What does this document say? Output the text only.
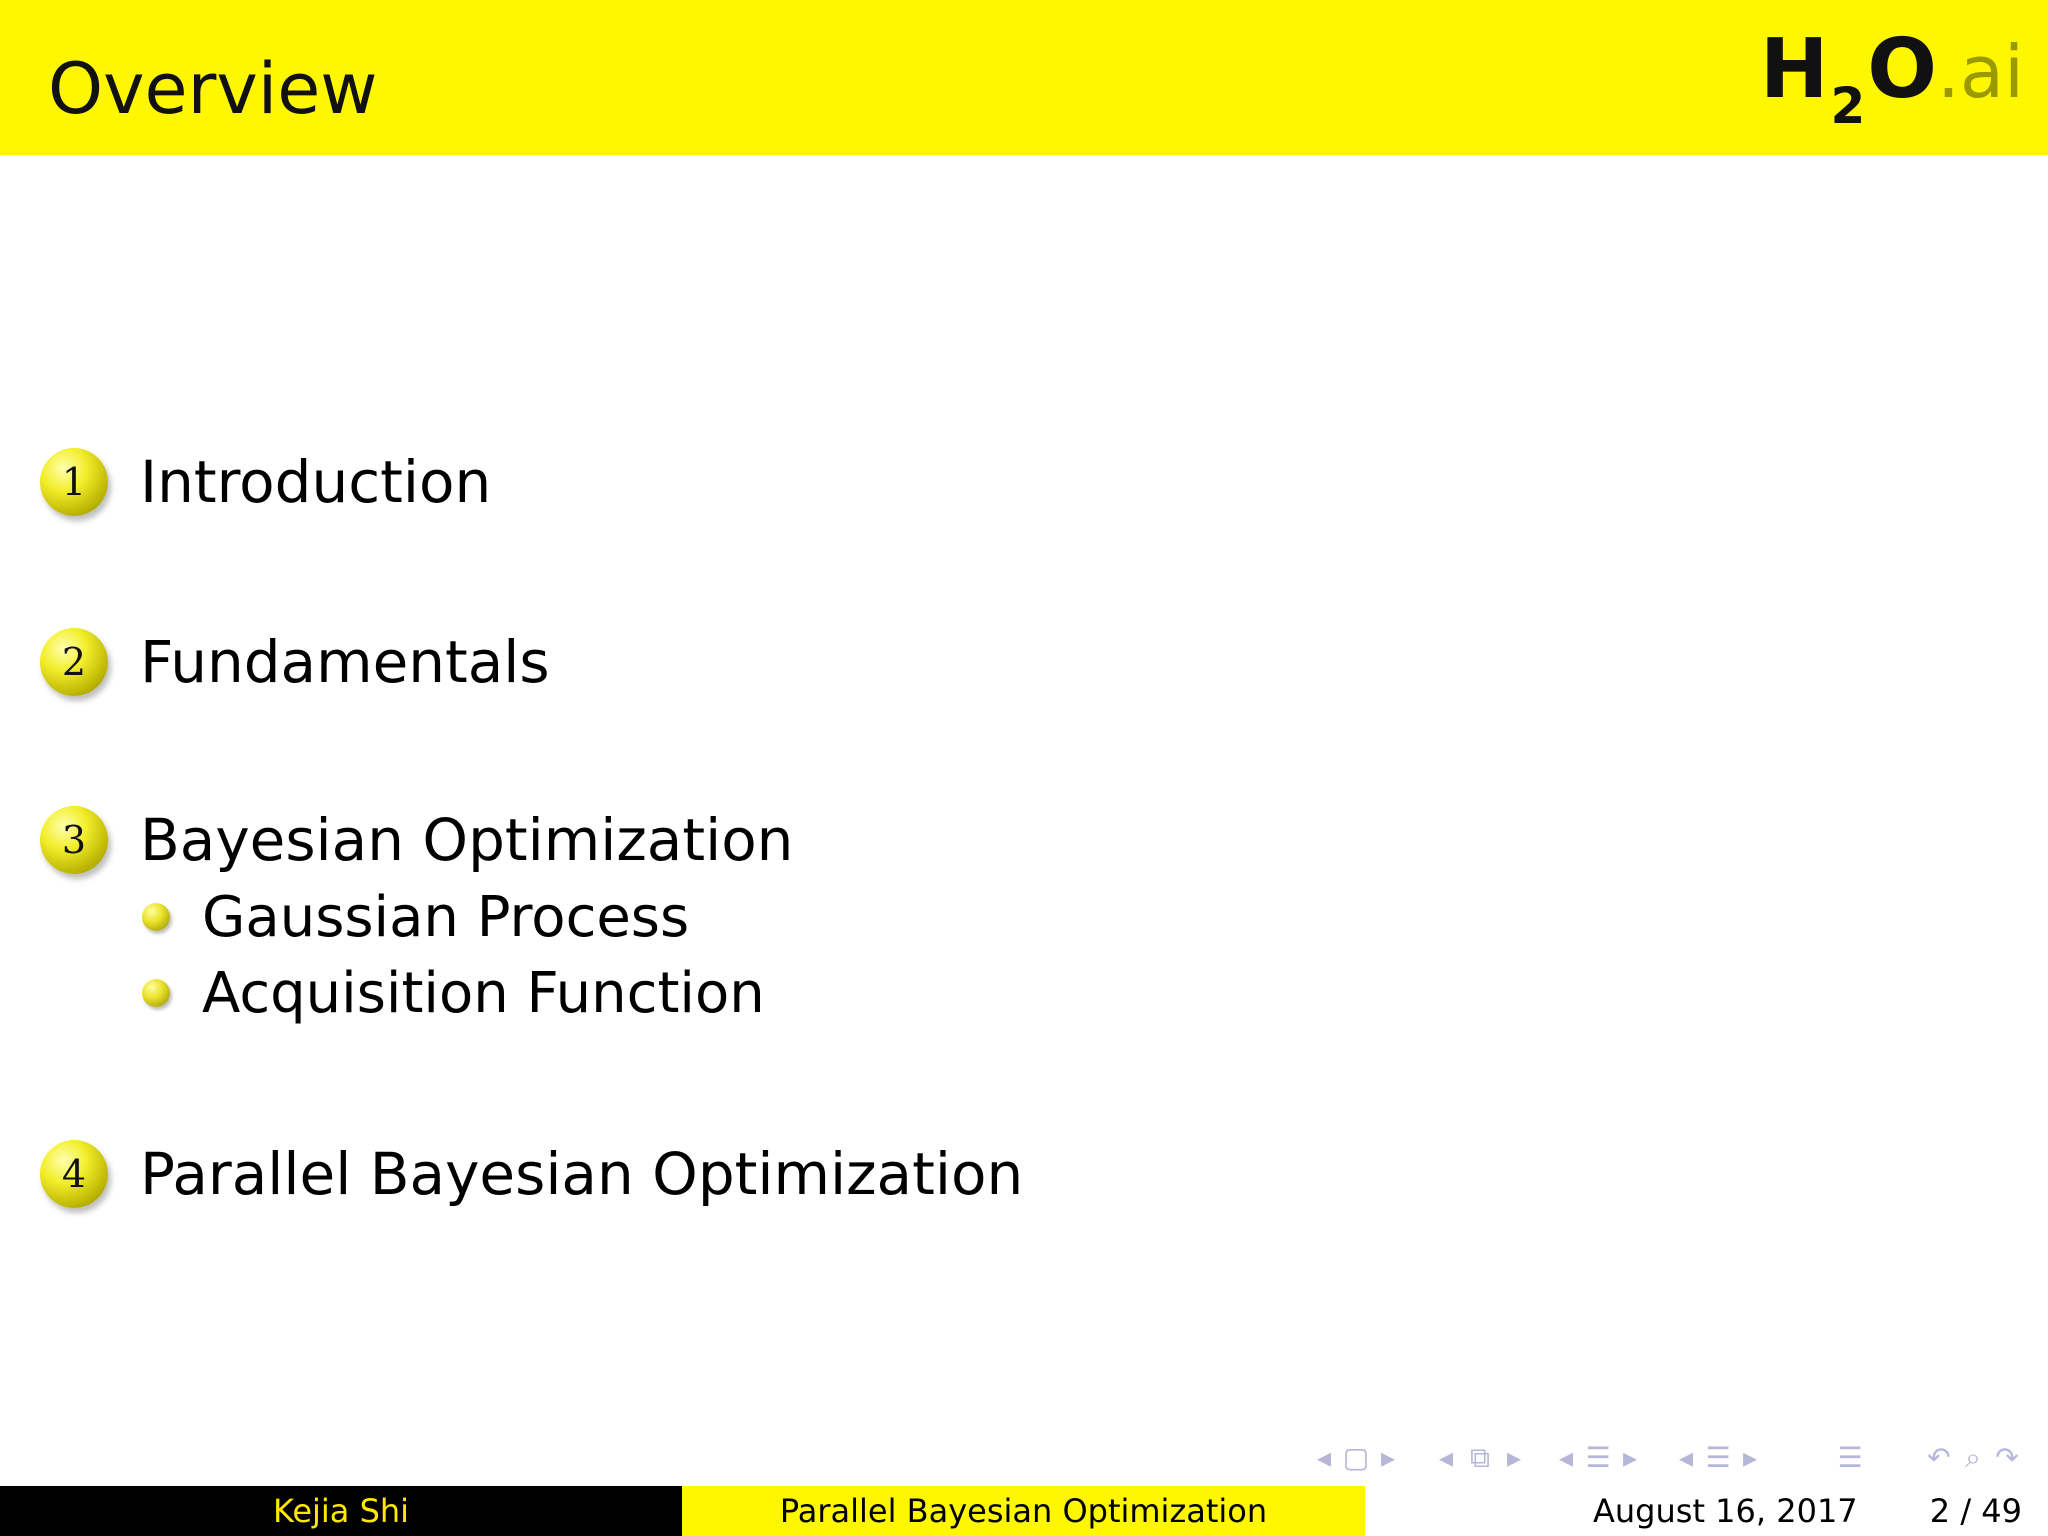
Overview	H2O.ai
1 Introduction
2 Fundamentals
3 Bayesian Optimization
Gaussian Process
Acquisition Function
4 Parallel Bayesian Optimization
◂ ▢ ▸ ◂ ⧉ ▸ ◂ ☰ ▸ ◂ ☰ ▸	☰ ↶ ⌕ ↷
Kejia Shi	Parallel Bayesian Optimization	August 16, 2017 2 / 49
